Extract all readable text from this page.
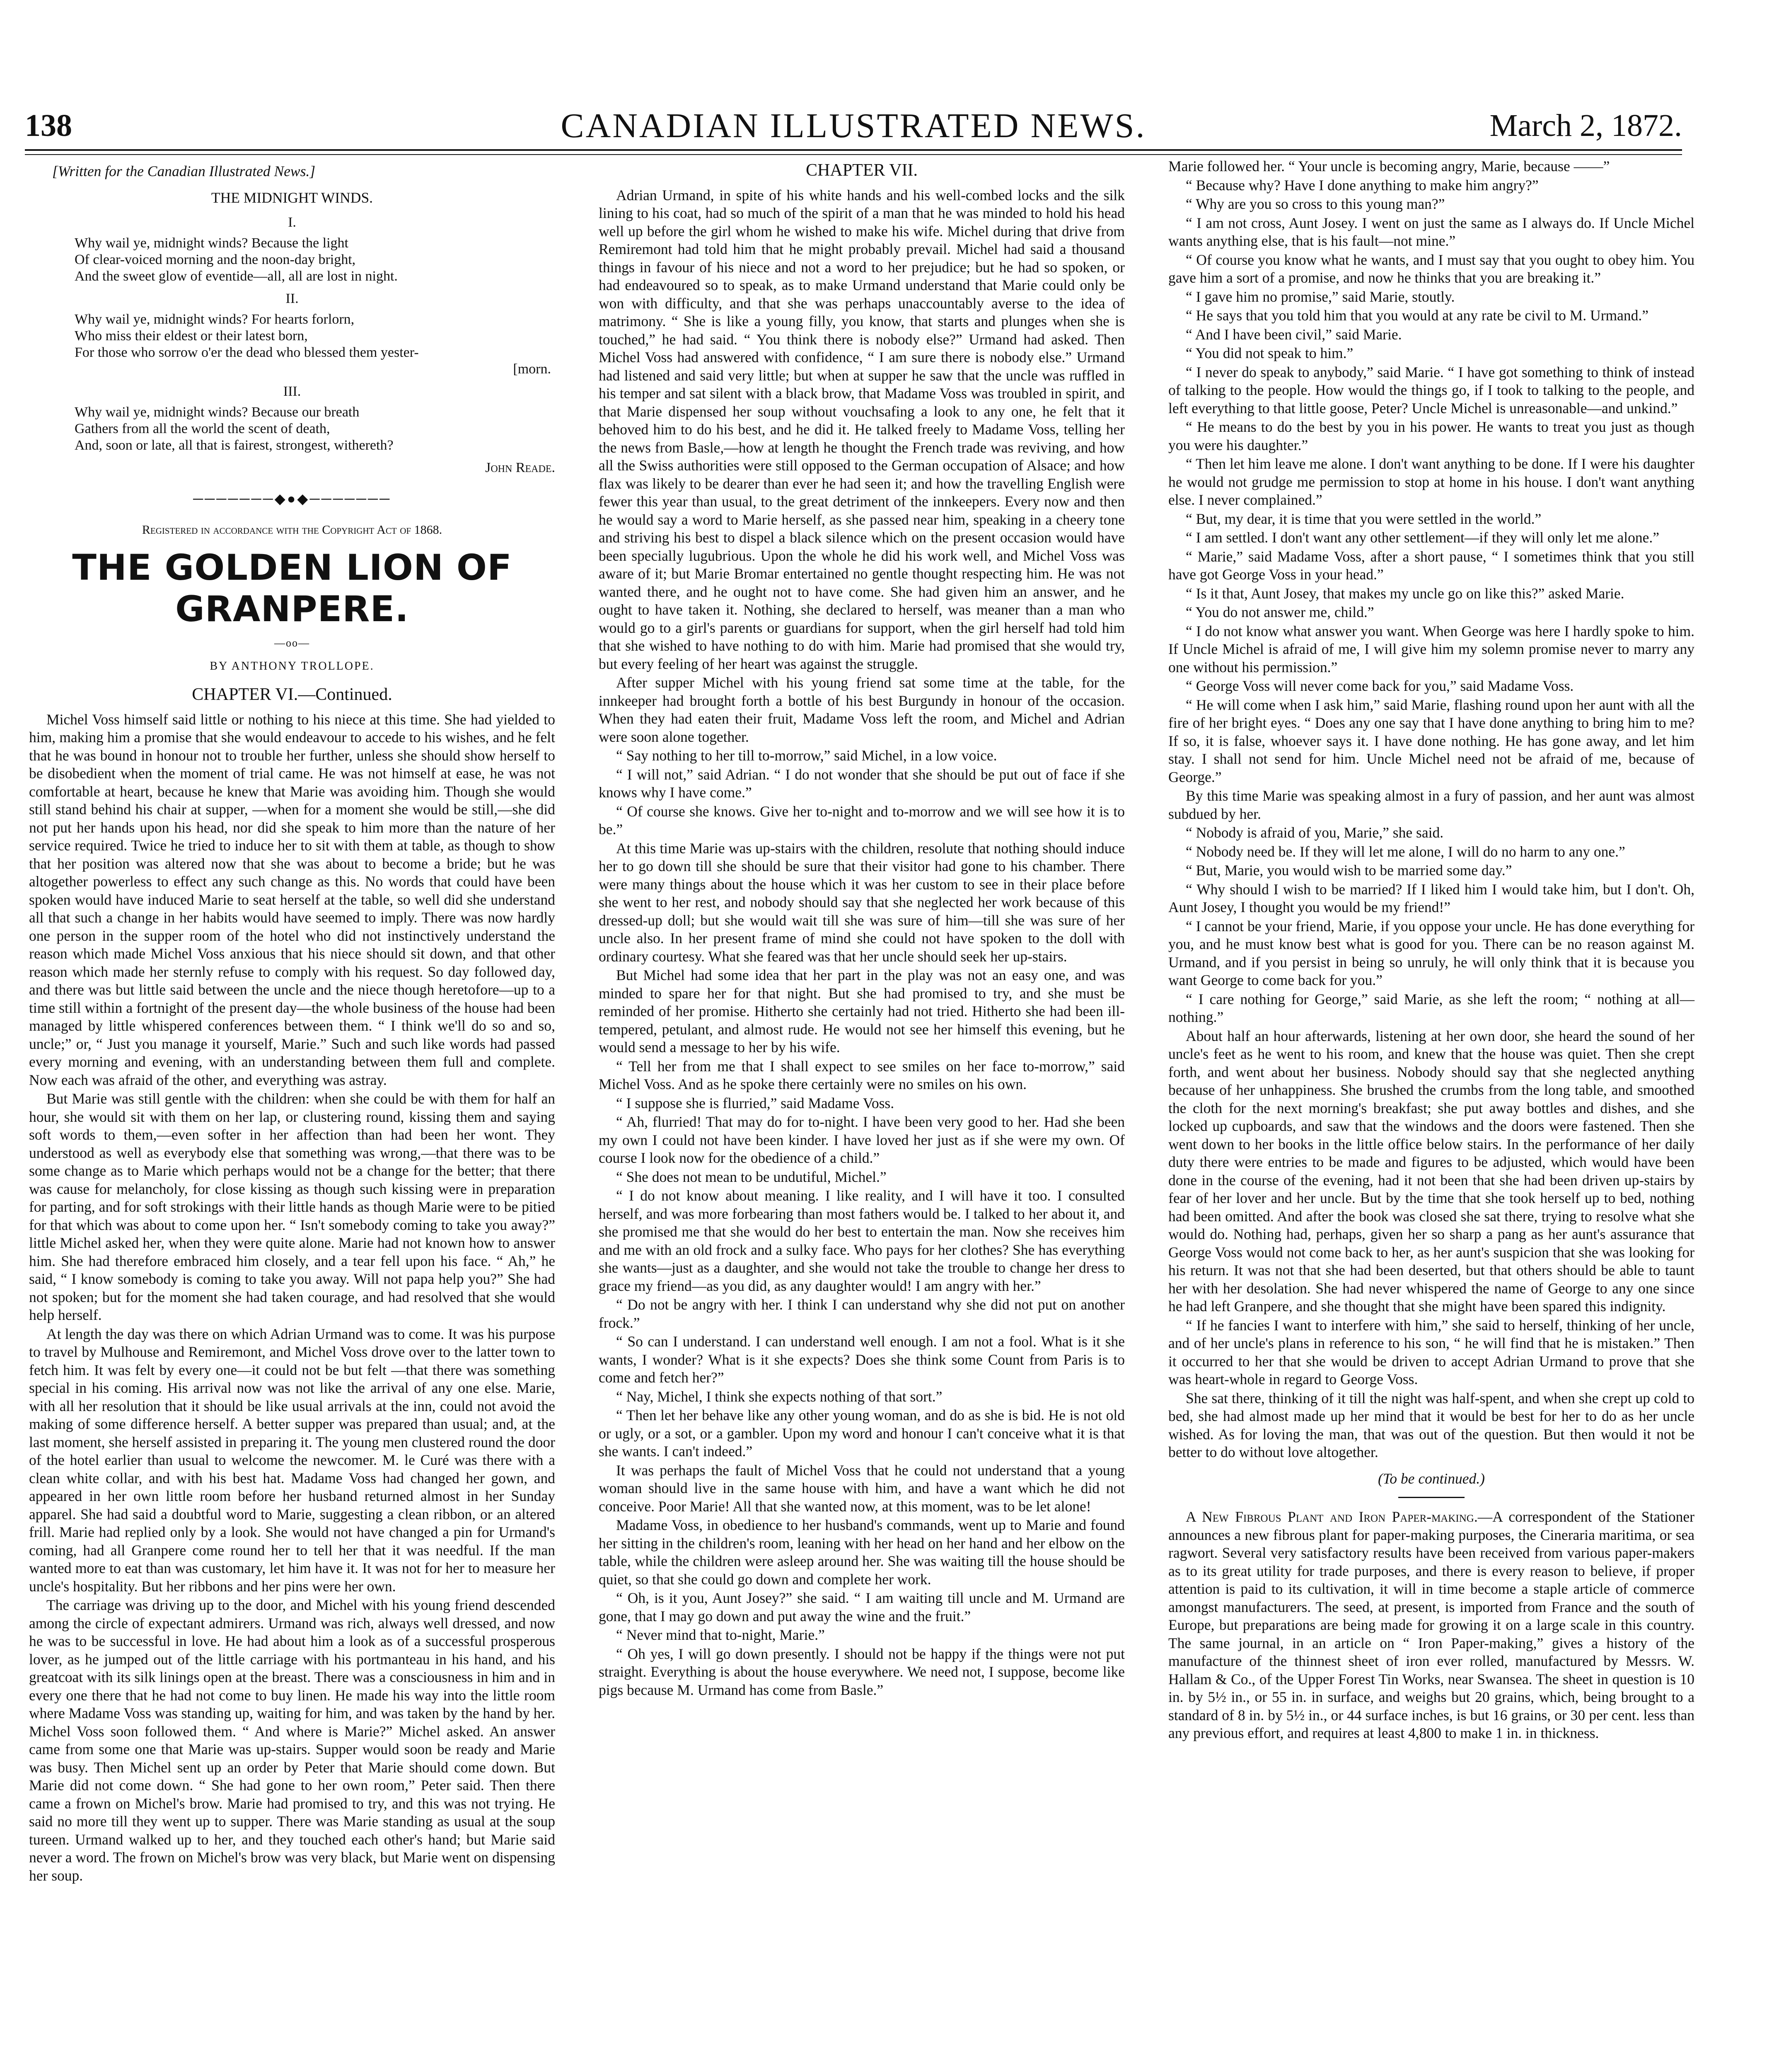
138	CANADIAN ILLUSTRATED NEWS.	March 2, 1872.
[Written for the Canadian Illustrated News.]
THE MIDNIGHT WINDS.
I.
Why wail ye, midnight winds? Because the light
Of clear-voiced morning and the noon-day bright,
And the sweet glow of eventide—all, all are lost in night.
II.
Why wail ye, midnight winds? For hearts forlorn,
Who miss their eldest or their latest born,
For those who sorrow o'er the dead who blessed them yester-
[morn.
III.
Why wail ye, midnight winds? Because our breath
Gathers from all the world the scent of death,
And, soon or late, all that is fairest, strongest, withereth?
John Reade.
───────◆●◆───────
Registered in accordance with the Copyright Act of 1868.
THE GOLDEN LION OF GRANPERE.
—oo—
BY ANTHONY TROLLOPE.
CHAPTER VI.—Continued.

Michel Voss himself said little or nothing to his niece at this time. She had yielded to him, making him a promise that she would endeavour to accede to his wishes, and he felt that he was bound in honour not to trouble her further, unless she should show herself to be disobedient when the moment of trial came. He was not himself at ease, he was not comfortable at heart, because he knew that Marie was avoiding him. Though she would still stand behind his chair at supper, —when for a moment she would be still,—she did not put her hands upon his head, nor did she speak to him more than the nature of her service required. Twice he tried to induce her to sit with them at table, as though to show that her position was altered now that she was about to become a bride; but he was altogether powerless to effect any such change as this. No words that could have been spoken would have induced Marie to seat herself at the table, so well did she understand all that such a change in her habits would have seemed to imply. There was now hardly one person in the supper room of the hotel who did not instinctively understand the reason which made Michel Voss anxious that his niece should sit down, and that other reason which made her sternly refuse to comply with his request. So day followed day, and there was but little said between the uncle and the niece though heretofore—up to a time still within a fortnight of the present day—the whole business of the house had been managed by little whispered conferences between them. “ I think we'll do so and so, uncle;” or, “ Just you manage it yourself, Marie.” Such and such like words had passed every morning and evening, with an understanding between them full and complete. Now each was afraid of the other, and everything was astray.

But Marie was still gentle with the children: when she could be with them for half an hour, she would sit with them on her lap, or clustering round, kissing them and saying soft words to them,—even softer in her affection than had been her wont. They understood as well as everybody else that something was wrong,—that there was to be some change as to Marie which perhaps would not be a change for the better; that there was cause for melancholy, for close kissing as though such kissing were in preparation for parting, and for soft strokings with their little hands as though Marie were to be pitied for that which was about to come upon her. “ Isn't somebody coming to take you away?” little Michel asked her, when they were quite alone. Marie had not known how to answer him. She had therefore embraced him closely, and a tear fell upon his face. “ Ah,” he said, “ I know somebody is coming to take you away. Will not papa help you?” She had not spoken; but for the moment she had taken courage, and had resolved that she would help herself.

At length the day was there on which Adrian Urmand was to come. It was his purpose to travel by Mulhouse and Remiremont, and Michel Voss drove over to the latter town to fetch him. It was felt by every one—it could not be but felt —that there was something special in his coming. His arrival now was not like the arrival of any one else. Marie, with all her resolution that it should be like usual arrivals at the inn, could not avoid the making of some difference herself. A better supper was prepared than usual; and, at the last moment, she herself assisted in preparing it. The young men clustered round the door of the hotel earlier than usual to welcome the newcomer. M. le Curé was there with a clean white collar, and with his best hat. Madame Voss had changed her gown, and appeared in her own little room before her husband returned almost in her Sunday apparel. She had said a doubtful word to Marie, suggesting a clean ribbon, or an altered frill. Marie had replied only by a look. She would not have changed a pin for Urmand's coming, had all Granpere come round her to tell her that it was needful. If the man wanted more to eat than was customary, let him have it. It was not for her to measure her uncle's hospitality. But her ribbons and her pins were her own.

The carriage was driving up to the door, and Michel with his young friend descended among the circle of expectant admirers. Urmand was rich, always well dressed, and now he was to be successful in love. He had about him a look as of a successful prosperous lover, as he jumped out of the little carriage with his portmanteau in his hand, and his greatcoat with its silk linings open at the breast. There was a consciousness in him and in every one there that he had not come to buy linen. He made his way into the little room where Madame Voss was standing up, waiting for him, and was taken by the hand by her. Michel Voss soon followed them. “ And where is Marie?” Michel asked. An answer came from some one that Marie was up-stairs. Supper would soon be ready and Marie was busy. Then Michel sent up an order by Peter that Marie should come down. But Marie did not come down. “ She had gone to her own room,” Peter said. Then there came a frown on Michel's brow. Marie had promised to try, and this was not trying. He said no more till they went up to supper. There was Marie standing as usual at the soup tureen. Urmand walked up to her, and they touched each other's hand; but Marie said never a word. The frown on Michel's brow was very black, but Marie went on dispensing her soup.

CHAPTER VII.

Adrian Urmand, in spite of his white hands and his well-combed locks and the silk lining to his coat, had so much of the spirit of a man that he was minded to hold his head well up before the girl whom he wished to make his wife. Michel during that drive from Remiremont had told him that he might probably prevail. Michel had said a thousand things in favour of his niece and not a word to her prejudice; but he had so spoken, or had endeavoured so to speak, as to make Urmand understand that Marie could only be won with difficulty, and that she was perhaps unaccountably averse to the idea of matrimony. “ She is like a young filly, you know, that starts and plunges when she is touched,” he had said. “ You think there is nobody else?” Urmand had asked. Then Michel Voss had answered with confidence, “ I am sure there is nobody else.” Urmand had listened and said very little; but when at supper he saw that the uncle was ruffled in his temper and sat silent with a black brow, that Madame Voss was troubled in spirit, and that Marie dispensed her soup without vouchsafing a look to any one, he felt that it behoved him to do his best, and he did it. He talked freely to Madame Voss, telling her the news from Basle,—how at length he thought the French trade was reviving, and how all the Swiss authorities were still opposed to the German occupation of Alsace; and how flax was likely to be dearer than ever he had seen it; and how the travelling English were fewer this year than usual, to the great detriment of the innkeepers. Every now and then he would say a word to Marie herself, as she passed near him, speaking in a cheery tone and striving his best to dispel a black silence which on the present occasion would have been specially lugubrious. Upon the whole he did his work well, and Michel Voss was aware of it; but Marie Bromar entertained no gentle thought respecting him. He was not wanted there, and he ought not to have come. She had given him an answer, and he ought to have taken it. Nothing, she declared to herself, was meaner than a man who would go to a girl's parents or guardians for support, when the girl herself had told him that she wished to have nothing to do with him. Marie had promised that she would try, but every feeling of her heart was against the struggle.

After supper Michel with his young friend sat some time at the table, for the innkeeper had brought forth a bottle of his best Burgundy in honour of the occasion. When they had eaten their fruit, Madame Voss left the room, and Michel and Adrian were soon alone together.

“ Say nothing to her till to-morrow,” said Michel, in a low voice.

“ I will not,” said Adrian. “ I do not wonder that she should be put out of face if she knows why I have come.”

“ Of course she knows. Give her to-night and to-morrow and we will see how it is to be.”

At this time Marie was up-stairs with the children, resolute that nothing should induce her to go down till she should be sure that their visitor had gone to his chamber. There were many things about the house which it was her custom to see in their place before she went to her rest, and nobody should say that she neglected her work because of this dressed-up doll; but she would wait till she was sure of him—till she was sure of her uncle also. In her present frame of mind she could not have spoken to the doll with ordinary courtesy. What she feared was that her uncle should seek her up-stairs.

But Michel had some idea that her part in the play was not an easy one, and was minded to spare her for that night. But she had promised to try, and she must be reminded of her promise. Hitherto she certainly had not tried. Hitherto she had been ill-tempered, petulant, and almost rude. He would not see her himself this evening, but he would send a message to her by his wife.

“ Tell her from me that I shall expect to see smiles on her face to-morrow,” said Michel Voss. And as he spoke there certainly were no smiles on his own.

“ I suppose she is flurried,” said Madame Voss.

“ Ah, flurried! That may do for to-night. I have been very good to her. Had she been my own I could not have been kinder. I have loved her just as if she were my own. Of course I look now for the obedience of a child.”

“ She does not mean to be undutiful, Michel.”

“ I do not know about meaning. I like reality, and I will have it too. I consulted herself, and was more forbearing than most fathers would be. I talked to her about it, and she promised me that she would do her best to entertain the man. Now she receives him and me with an old frock and a sulky face. Who pays for her clothes? She has everything she wants—just as a daughter, and she would not take the trouble to change her dress to grace my friend—as you did, as any daughter would! I am angry with her.”

“ Do not be angry with her. I think I can understand why she did not put on another frock.”

“ So can I understand. I can understand well enough. I am not a fool. What is it she wants, I wonder? What is it she expects? Does she think some Count from Paris is to come and fetch her?”

“ Nay, Michel, I think she expects nothing of that sort.”

“ Then let her behave like any other young woman, and do as she is bid. He is not old or ugly, or a sot, or a gambler. Upon my word and honour I can't conceive what it is that she wants. I can't indeed.”

It was perhaps the fault of Michel Voss that he could not understand that a young woman should live in the same house with him, and have a want which he did not conceive. Poor Marie! All that she wanted now, at this moment, was to be let alone!

Madame Voss, in obedience to her husband's commands, went up to Marie and found her sitting in the children's room, leaning with her head on her hand and her elbow on the table, while the children were asleep around her. She was waiting till the house should be quiet, so that she could go down and complete her work.

“ Oh, is it you, Aunt Josey?” she said. “ I am waiting till uncle and M. Urmand are gone, that I may go down and put away the wine and the fruit.”

“ Never mind that to-night, Marie.”

“ Oh yes, I will go down presently. I should not be happy if the things were not put straight. Everything is about the house everywhere. We need not, I suppose, become like pigs because M. Urmand has come from Basle.”

Marie followed her. “ Your uncle is becoming angry, Marie, because ——”

“ Because why? Have I done anything to make him angry?”

“ Why are you so cross to this young man?”

“ I am not cross, Aunt Josey. I went on just the same as I always do. If Uncle Michel wants anything else, that is his fault—not mine.”

“ Of course you know what he wants, and I must say that you ought to obey him. You gave him a sort of a promise, and now he thinks that you are breaking it.”

“ I gave him no promise,” said Marie, stoutly.

“ He says that you told him that you would at any rate be civil to M. Urmand.”

“ And I have been civil,” said Marie.

“ You did not speak to him.”

“ I never do speak to anybody,” said Marie. “ I have got something to think of instead of talking to the people. How would the things go, if I took to talking to the people, and left everything to that little goose, Peter? Uncle Michel is unreasonable—and unkind.”

“ He means to do the best by you in his power. He wants to treat you just as though you were his daughter.”

“ Then let him leave me alone. I don't want anything to be done. If I were his daughter he would not grudge me permission to stop at home in his house. I don't want anything else. I never complained.”

“ But, my dear, it is time that you were settled in the world.”

“ I am settled. I don't want any other settlement—if they will only let me alone.”

“ Marie,” said Madame Voss, after a short pause, “ I sometimes think that you still have got George Voss in your head.”

“ Is it that, Aunt Josey, that makes my uncle go on like this?” asked Marie.

“ You do not answer me, child.”

“ I do not know what answer you want. When George was here I hardly spoke to him. If Uncle Michel is afraid of me, I will give him my solemn promise never to marry any one without his permission.”

“ George Voss will never come back for you,” said Madame Voss.

“ He will come when I ask him,” said Marie, flashing round upon her aunt with all the fire of her bright eyes. “ Does any one say that I have done anything to bring him to me? If so, it is false, whoever says it. I have done nothing. He has gone away, and let him stay. I shall not send for him. Uncle Michel need not be afraid of me, because of George.”

By this time Marie was speaking almost in a fury of passion, and her aunt was almost subdued by her.

“ Nobody is afraid of you, Marie,” she said.

“ Nobody need be. If they will let me alone, I will do no harm to any one.”

“ But, Marie, you would wish to be married some day.”

“ Why should I wish to be married? If I liked him I would take him, but I don't. Oh, Aunt Josey, I thought you would be my friend!”

“ I cannot be your friend, Marie, if you oppose your uncle. He has done everything for you, and he must know best what is good for you. There can be no reason against M. Urmand, and if you persist in being so unruly, he will only think that it is because you want George to come back for you.”

“ I care nothing for George,” said Marie, as she left the room; “ nothing at all—nothing.”

About half an hour afterwards, listening at her own door, she heard the sound of her uncle's feet as he went to his room, and knew that the house was quiet. Then she crept forth, and went about her business. Nobody should say that she neglected anything because of her unhappiness. She brushed the crumbs from the long table, and smoothed the cloth for the next morning's breakfast; she put away bottles and dishes, and she locked up cupboards, and saw that the windows and the doors were fastened. Then she went down to her books in the little office below stairs. In the performance of her daily duty there were entries to be made and figures to be adjusted, which would have been done in the course of the evening, had it not been that she had been driven up-stairs by fear of her lover and her uncle. But by the time that she took herself up to bed, nothing had been omitted. And after the book was closed she sat there, trying to resolve what she would do. Nothing had, perhaps, given her so sharp a pang as her aunt's assurance that George Voss would not come back to her, as her aunt's suspicion that she was looking for his return. It was not that she had been deserted, but that others should be able to taunt her with her desolation. She had never whispered the name of George to any one since he had left Granpere, and she thought that she might have been spared this indignity.

“ If he fancies I want to interfere with him,” she said to herself, thinking of her uncle, and of her uncle's plans in reference to his son, “ he will find that he is mistaken.” Then it occurred to her that she would be driven to accept Adrian Urmand to prove that she was heart-whole in regard to George Voss.

She sat there, thinking of it till the night was half-spent, and when she crept up cold to bed, she had almost made up her mind that it would be best for her to do as her uncle wished. As for loving the man, that was out of the question. But then would it not be better to do without love altogether.

(To be continued.)

A New Fibrous Plant and Iron Paper-making.—A correspondent of the Stationer announces a new fibrous plant for paper-making purposes, the Cineraria maritima, or sea ragwort. Several very satisfactory results have been received from various paper-makers as to its great utility for trade purposes, and there is every reason to believe, if proper attention is paid to its cultivation, it will in time become a staple article of commerce amongst manufacturers. The seed, at present, is imported from France and the south of Europe, but preparations are being made for growing it on a large scale in this country. The same journal, in an article on “ Iron Paper-making,” gives a history of the manufacture of the thinnest sheet of iron ever rolled, manufactured by Messrs. W. Hallam & Co., of the Upper Forest Tin Works, near Swansea. The sheet in question is 10 in. by 5½ in., or 55 in. in surface, and weighs but 20 grains, which, being brought to a standard of 8 in. by 5½ in., or 44 surface inches, is but 16 grains, or 30 per cent. less than any previous effort, and requires at least 4,800 to make 1 in. in thickness.
